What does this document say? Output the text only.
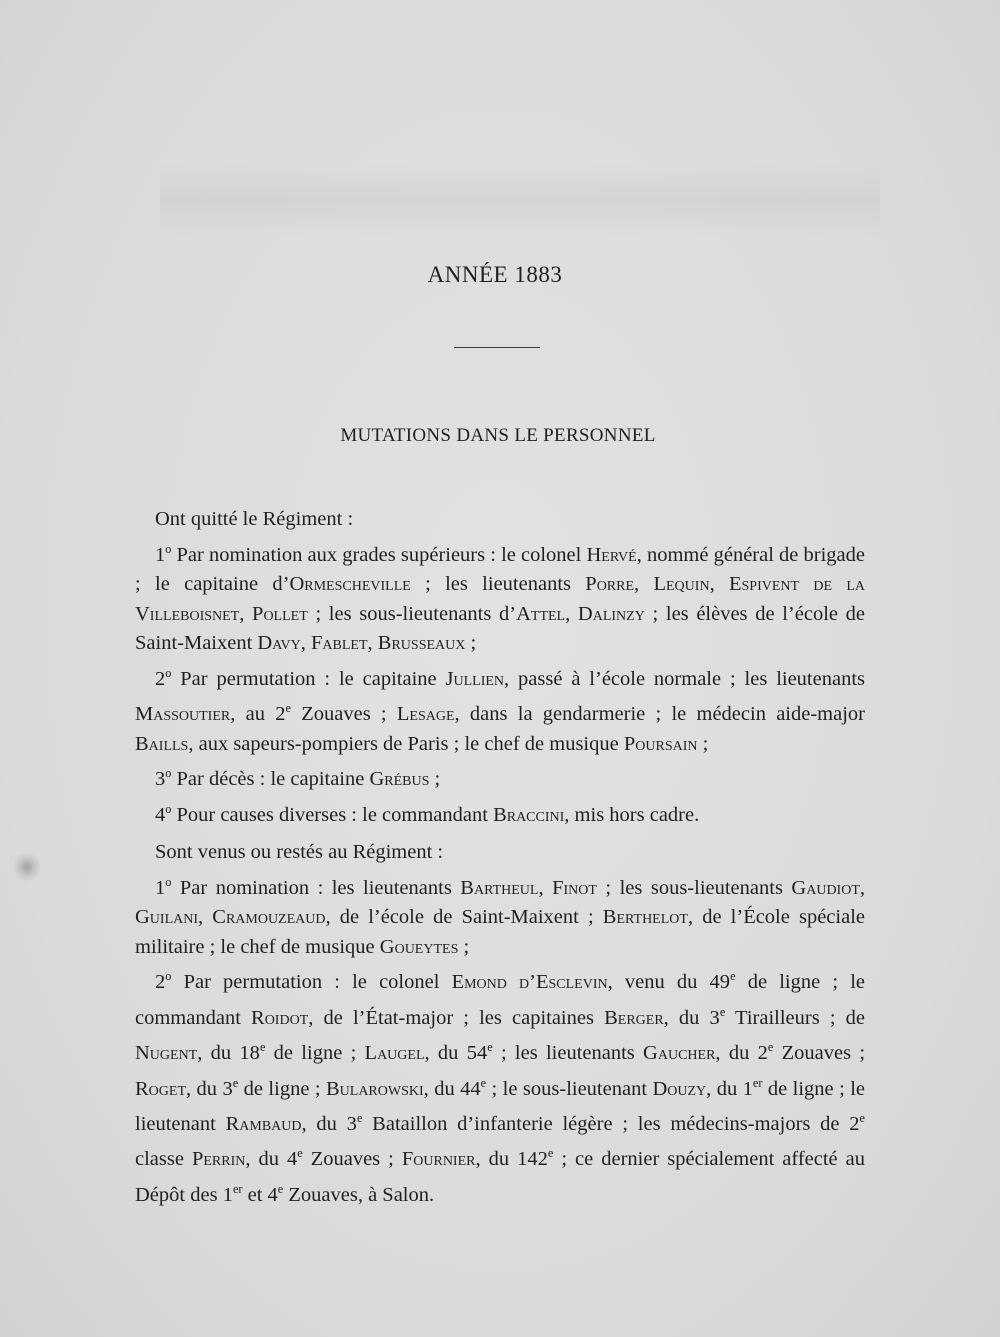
ANNÉE 1883
MUTATIONS DANS LE PERSONNEL

Ont quitté le Régiment :

1$^o$ Par nomination aux grades supérieurs : le colonel Hervé, nommé général de brigade ; le capitaine d’Ormescheville ; les lieutenants Porre, Lequin, Espivent de la Villeboisnet, Pollet ; les sous-lieutenants d’Attel, Dalinzy ; les élèves de l’école de Saint-Maixent Davy, Fablet, Brusseaux ;

2$^o$ Par permutation : le capitaine Jullien, passé à l’école normale ; les lieutenants Massoutier, au 2e Zouaves ; Lesage, dans la gendarmerie ; le médecin aide-major Baills, aux sapeurs-pompiers de Paris ; le chef de musique Poursain ;

3$^o$ Par décès : le capitaine Grébus ;

4$^o$ Pour causes diverses : le commandant Braccini, mis hors cadre.

Sont venus ou restés au Régiment :

1$^o$ Par nomination : les lieutenants Bartheul, Finot ; les sous-lieutenants Gaudiot, Guilani, Cramouzeaud, de l’école de Saint-Maixent ; Berthelot, de l’École spéciale militaire ; le chef de musique Goueytes ;

2$^o$ Par permutation : le colonel Emond d’Esclevin, venu du 49e de ligne ; le commandant Roidot, de l’État-major ; les capitaines Berger, du 3e Tirailleurs ; de Nugent, du 18e de ligne ; Laugel, du 54e ; les lieutenants Gaucher, du 2e Zouaves ; Roget, du 3e de ligne ; Bularowski, du 44e ; le sous-lieutenant Douzy, du 1er de ligne ; le lieutenant Rambaud, du 3e Bataillon d’infanterie légère ; les médecins-majors de 2e classe Perrin, du 4e Zouaves ; Fournier, du 142e ; ce dernier spécialement affecté au Dépôt des 1er et 4e Zouaves, à Salon.
